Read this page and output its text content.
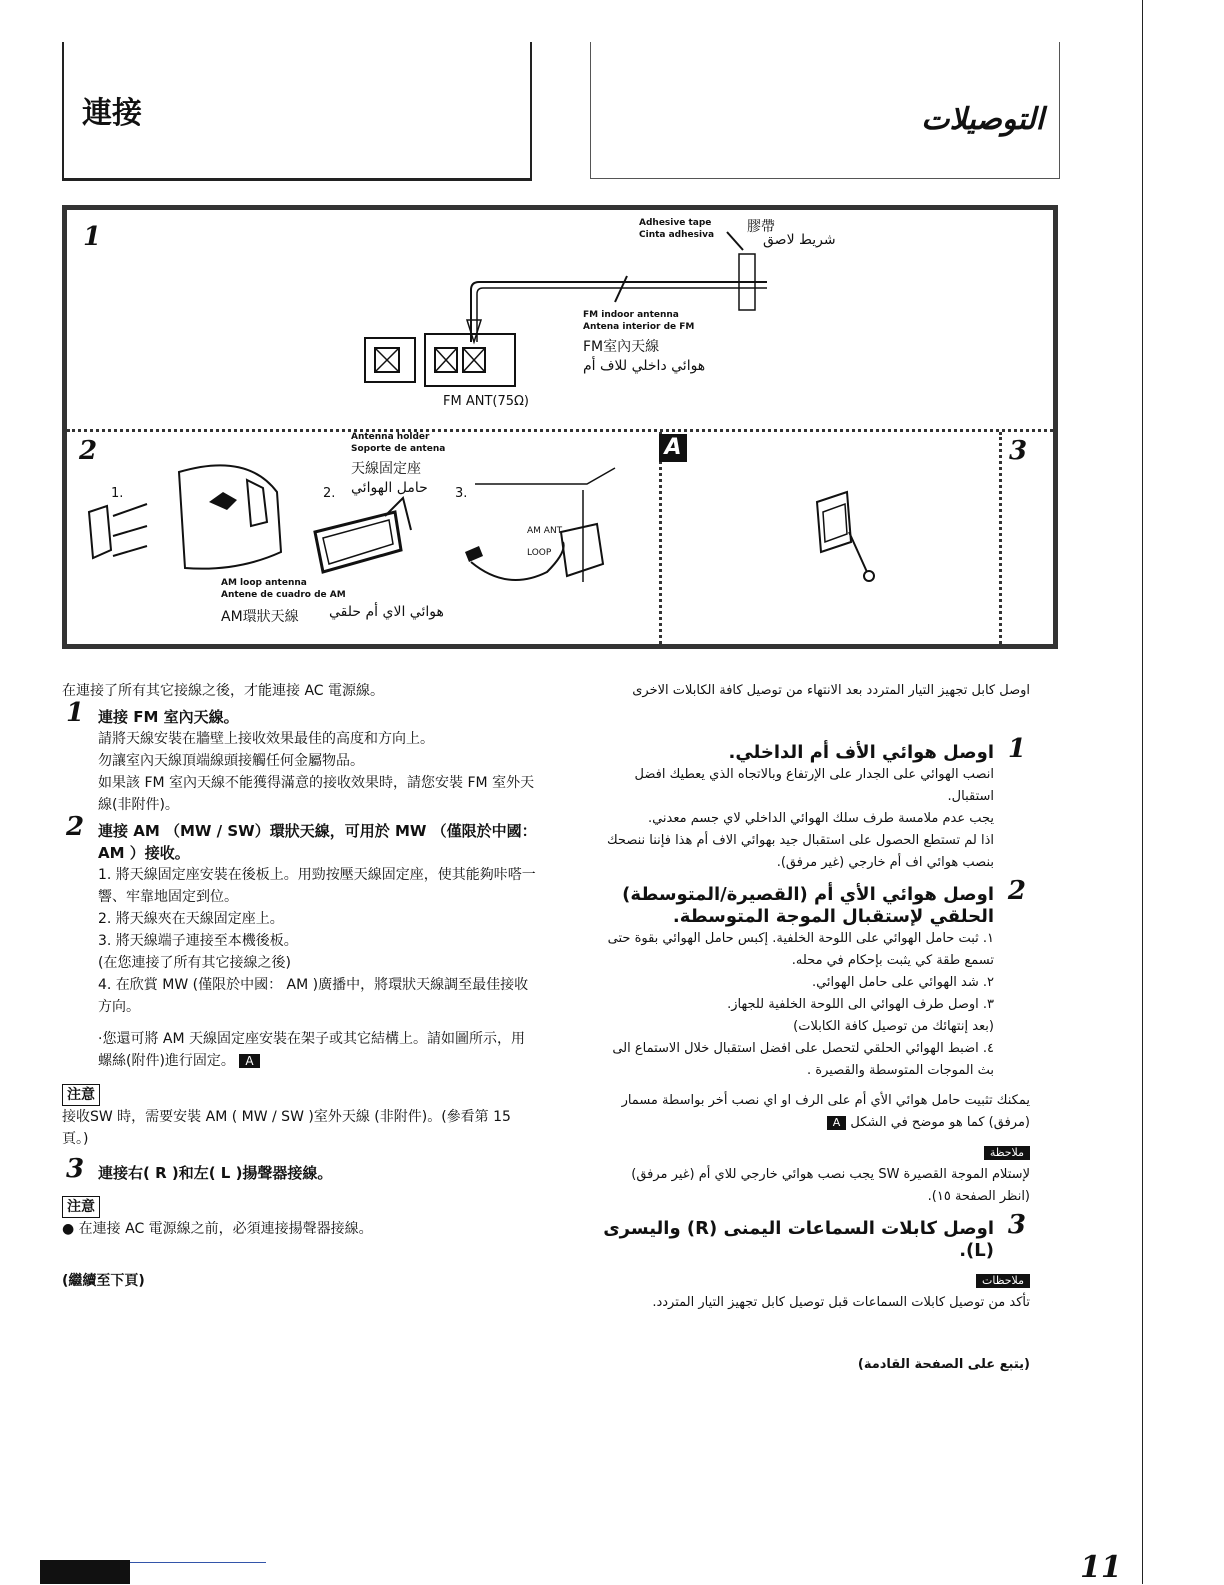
連接	التوصيلات
1
2	3
A
Adhesive tape
Cinta adhesiva 膠帶
شريط لاصق
FM indoor antenna
Antena interior de FM
FM室內天線
هوائي داخلي للاف أم
FM ANT(75Ω)
1.	2.	3.
Antenna holder
Soporte de antena
天線固定座
حامل الهوائي
AM ANT
LOOP
AM loop antenna
Antene de cuadro de AM
AM環狀天線 هوائي الاي أم حلقي
在連接了所有其它接線之後，才能連接 AC 電源線。
1 連接 FM 室內天線。
請將天線安裝在牆壁上接收效果最佳的高度和方向上。
勿讓室內天線頂端線頭接觸任何金屬物品。
如果該 FM 室內天線不能獲得滿意的接收效果時，請您安裝 FM 室外天線(非附件)。
2 連接 AM （MW / SW）環狀天線，可用於 MW （僅限於中國： AM ）接收。
1. 將天線固定座安裝在後板上。用勁按壓天線固定座，使其能夠咔嗒一響、牢靠地固定到位。
2. 將天線夾在天線固定座上。
3. 將天線端子連接至本機後板。
(在您連接了所有其它接線之後)
4. 在欣賞 MW (僅限於中國： AM )廣播中，將環狀天線調至最佳接收方向。
·您還可將 AM 天線固定座安裝在架子或其它結構上。請如圖所示，用螺絲(附件)進行固定。 A
注意
接收SW 時，需要安裝 AM ( MW / SW )室外天線 (非附件)。(參看第 15 頁。)
3 連接右( R )和左( L )揚聲器接線。
注意
● 在連接 AC 電源線之前，必須連接揚聲器接線。
(繼續至下頁)
اوصل كابل تجهيز التيار المتردد بعد الانتهاء من توصيل كافة الكابلات الاخرى
1
اوصل هوائي الأف أم الداخلي.
انصب الهوائي على الجدار على الإرتفاع وبالاتجاه الذي يعطيك افضل استقبال.
يجب عدم ملامسة طرف سلك الهوائي الداخلي لاي جسم معدني.
اذا لم تستطع الحصول على استقبال جيد بهوائي الاف أم هذا فإننا ننصحك بنصب هوائي اف أم خارجي (غير مرفق).
2
اوصل هوائي الأي أم (القصيرة/المتوسطة) الحلقي لإستقبال الموجة المتوسطة.
١. ثبت حامل الهوائي على اللوحة الخلفية. إكبس حامل الهوائي بقوة حتى تسمع طقة كي يثبت بإحكام في محله.
٢. شد الهوائي على حامل الهوائي.
٣. اوصل طرف الهوائي الى اللوحة الخلفية للجهاز.
(بعد إنتهائك من توصيل كافة الكابلات)
٤. اضبط الهوائي الحلقي لتحصل على افضل استقبال خلال الاستماع الى بث الموجات المتوسطة والقصيرة .
يمكنك تثبيت حامل هوائي الأي أم على الرف او اي نصب أخر بواسطة مسمار (مرفق) كما هو موضح في الشكل A
ملاحظة
لإستلام الموجة القصيرة SW يجب نصب هوائي خارجي للاي أم (غير مرفق) (انظر الصفحة ١٥).
3
اوصل كابلات السماعات اليمنى (R) واليسرى (L).
ملاحظات
تأكد من توصيل كابلات السماعات قبل توصيل كابل تجهيز التيار المتردد.
(يتبع على الصفحة القادمة)
11
